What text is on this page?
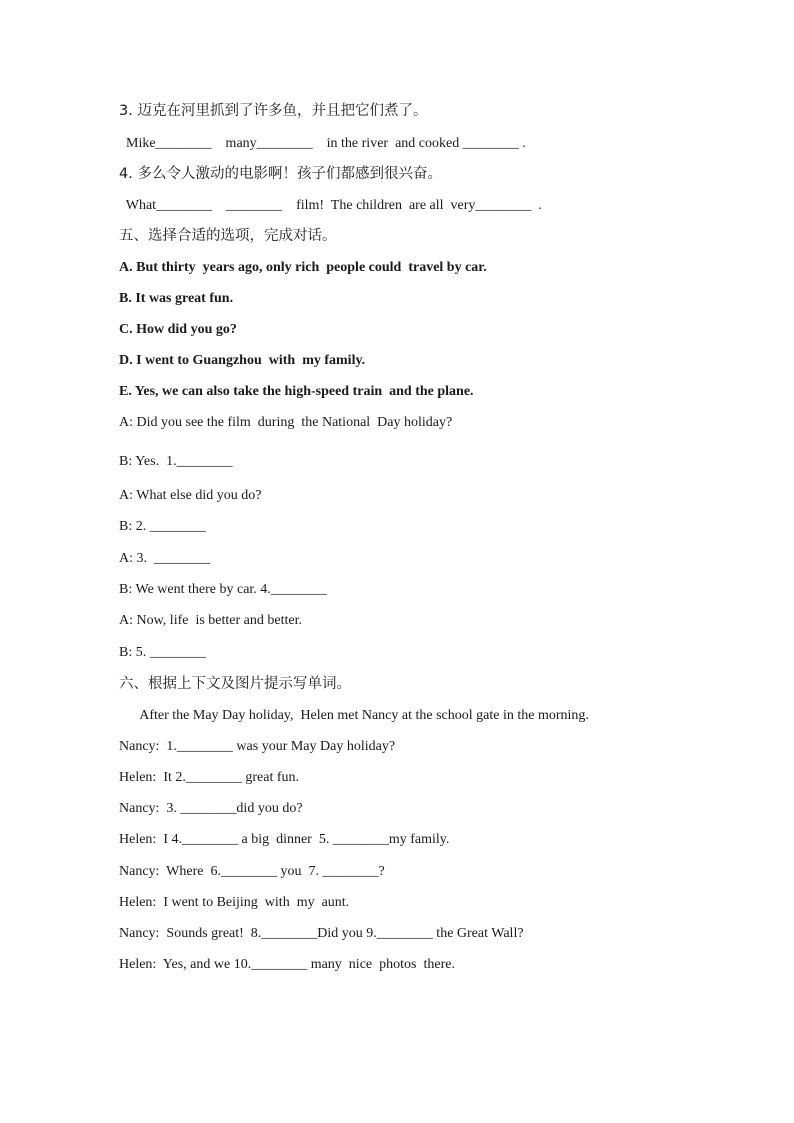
3. 迈克在河里抓到了许多鱼，并且把它们煮了。
Mike________    many________    in the river  and cooked ________ .
4. 多么令人激动的电影啊！孩子们都感到很兴奋。
What________    ________    film!  The children  are all  very________  .
五、选择合适的选项，完成对话。
A. But thirty  years ago, only rich  people could  travel by car.
B. It was great fun.
C. How did you go?
D. I went to Guangzhou  with  my family.
E. Yes, we can also take the high-speed train  and the plane.
A: Did you see the film  during  the National  Day holiday?
B: Yes.  1.________
A: What else did you do?
B: 2. ________
A: 3.  ________
B: We went there by car. 4.________
A: Now, life  is better and better.
B: 5. ________
六、根据上下文及图片提示写单词。
After the May Day holiday,  Helen met Nancy at the school gate in the morning.
Nancy:  1.________ was your May Day holiday?
Helen:  It 2.________ great fun.
Nancy:  3. ________did you do?
Helen:  I 4.________ a big  dinner  5. ________my family.
Nancy:  Where  6.________ you  7. ________?
Helen:  I went to Beijing  with  my  aunt.
Nancy:  Sounds great!  8.________Did you 9.________ the Great Wall?
Helen:  Yes, and we 10.________ many  nice  photos  there.
